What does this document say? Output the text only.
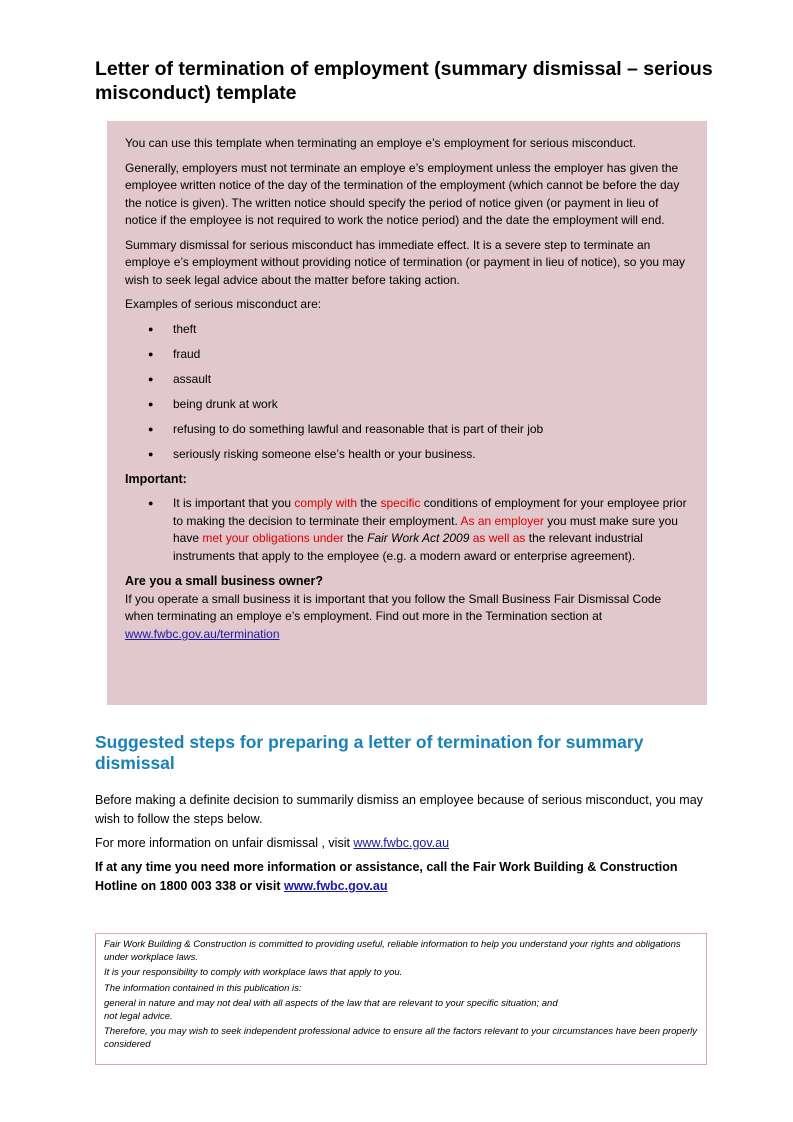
Letter of termination of employment (summary dismissal – serious misconduct) template

You can use this template when terminating an employe e’s employment for serious misconduct.

Generally, employers must not terminate an employe e’s employment unless the employer has given the employee written notice of the day of the termination of the employment (which cannot be before the day the notice is given). The written notice should specify the period of notice given (or payment in lieu of notice if the employee is not required to work the notice period) and the date the employment will end.

Summary dismissal for serious misconduct has immediate effect. It is a severe step to terminate an employe e’s employment without providing notice of termination (or payment in lieu of notice), so you may wish to seek legal advice about the matter before taking action.

Examples of serious misconduct are:

● theft
● fraud
● assault
● being drunk at work
● refusing to do something lawful and reasonable that is part of their job
● seriously risking someone else’s health or your business.

Important:

● It is important that you comply with the specific conditions of employment for your employee prior to making the decision to terminate their employment. As an employer you must make sure you have met your obligations under the Fair Work Act 2009 as well as the relevant industrial instruments that apply to the employee (e.g. a modern award or enterprise agreement).

Are you a small business owner?
If you operate a small business it is important that you follow the Small Business Fair Dismissal Code when terminating an employe e’s employment. Find out more in the Termination section at www.fwbc.gov.au/termination

Suggested steps for preparing a letter of termination for summary dismissal

Before making a definite decision to summarily dismiss an employee because of serious misconduct, you may wish to follow the steps below.

For more information on unfair dismissal , visit www.fwbc.gov.au

If at any time you need more information or assistance, call the Fair Work Building & Construction Hotline on 1800 003 338 or visit www.fwbc.gov.au

Fair Work Building & Construction is committed to providing useful, reliable information to help you understand your rights and obligations under workplace laws.

It is your responsibility to comply with workplace laws that apply to you.

The information contained in this publication is:

general in nature and may not deal with all aspects of the law that are relevant to your specific situation; and

not legal advice.

Therefore, you may wish to seek independent professional advice to ensure all the factors relevant to your circumstances have been properly considered
